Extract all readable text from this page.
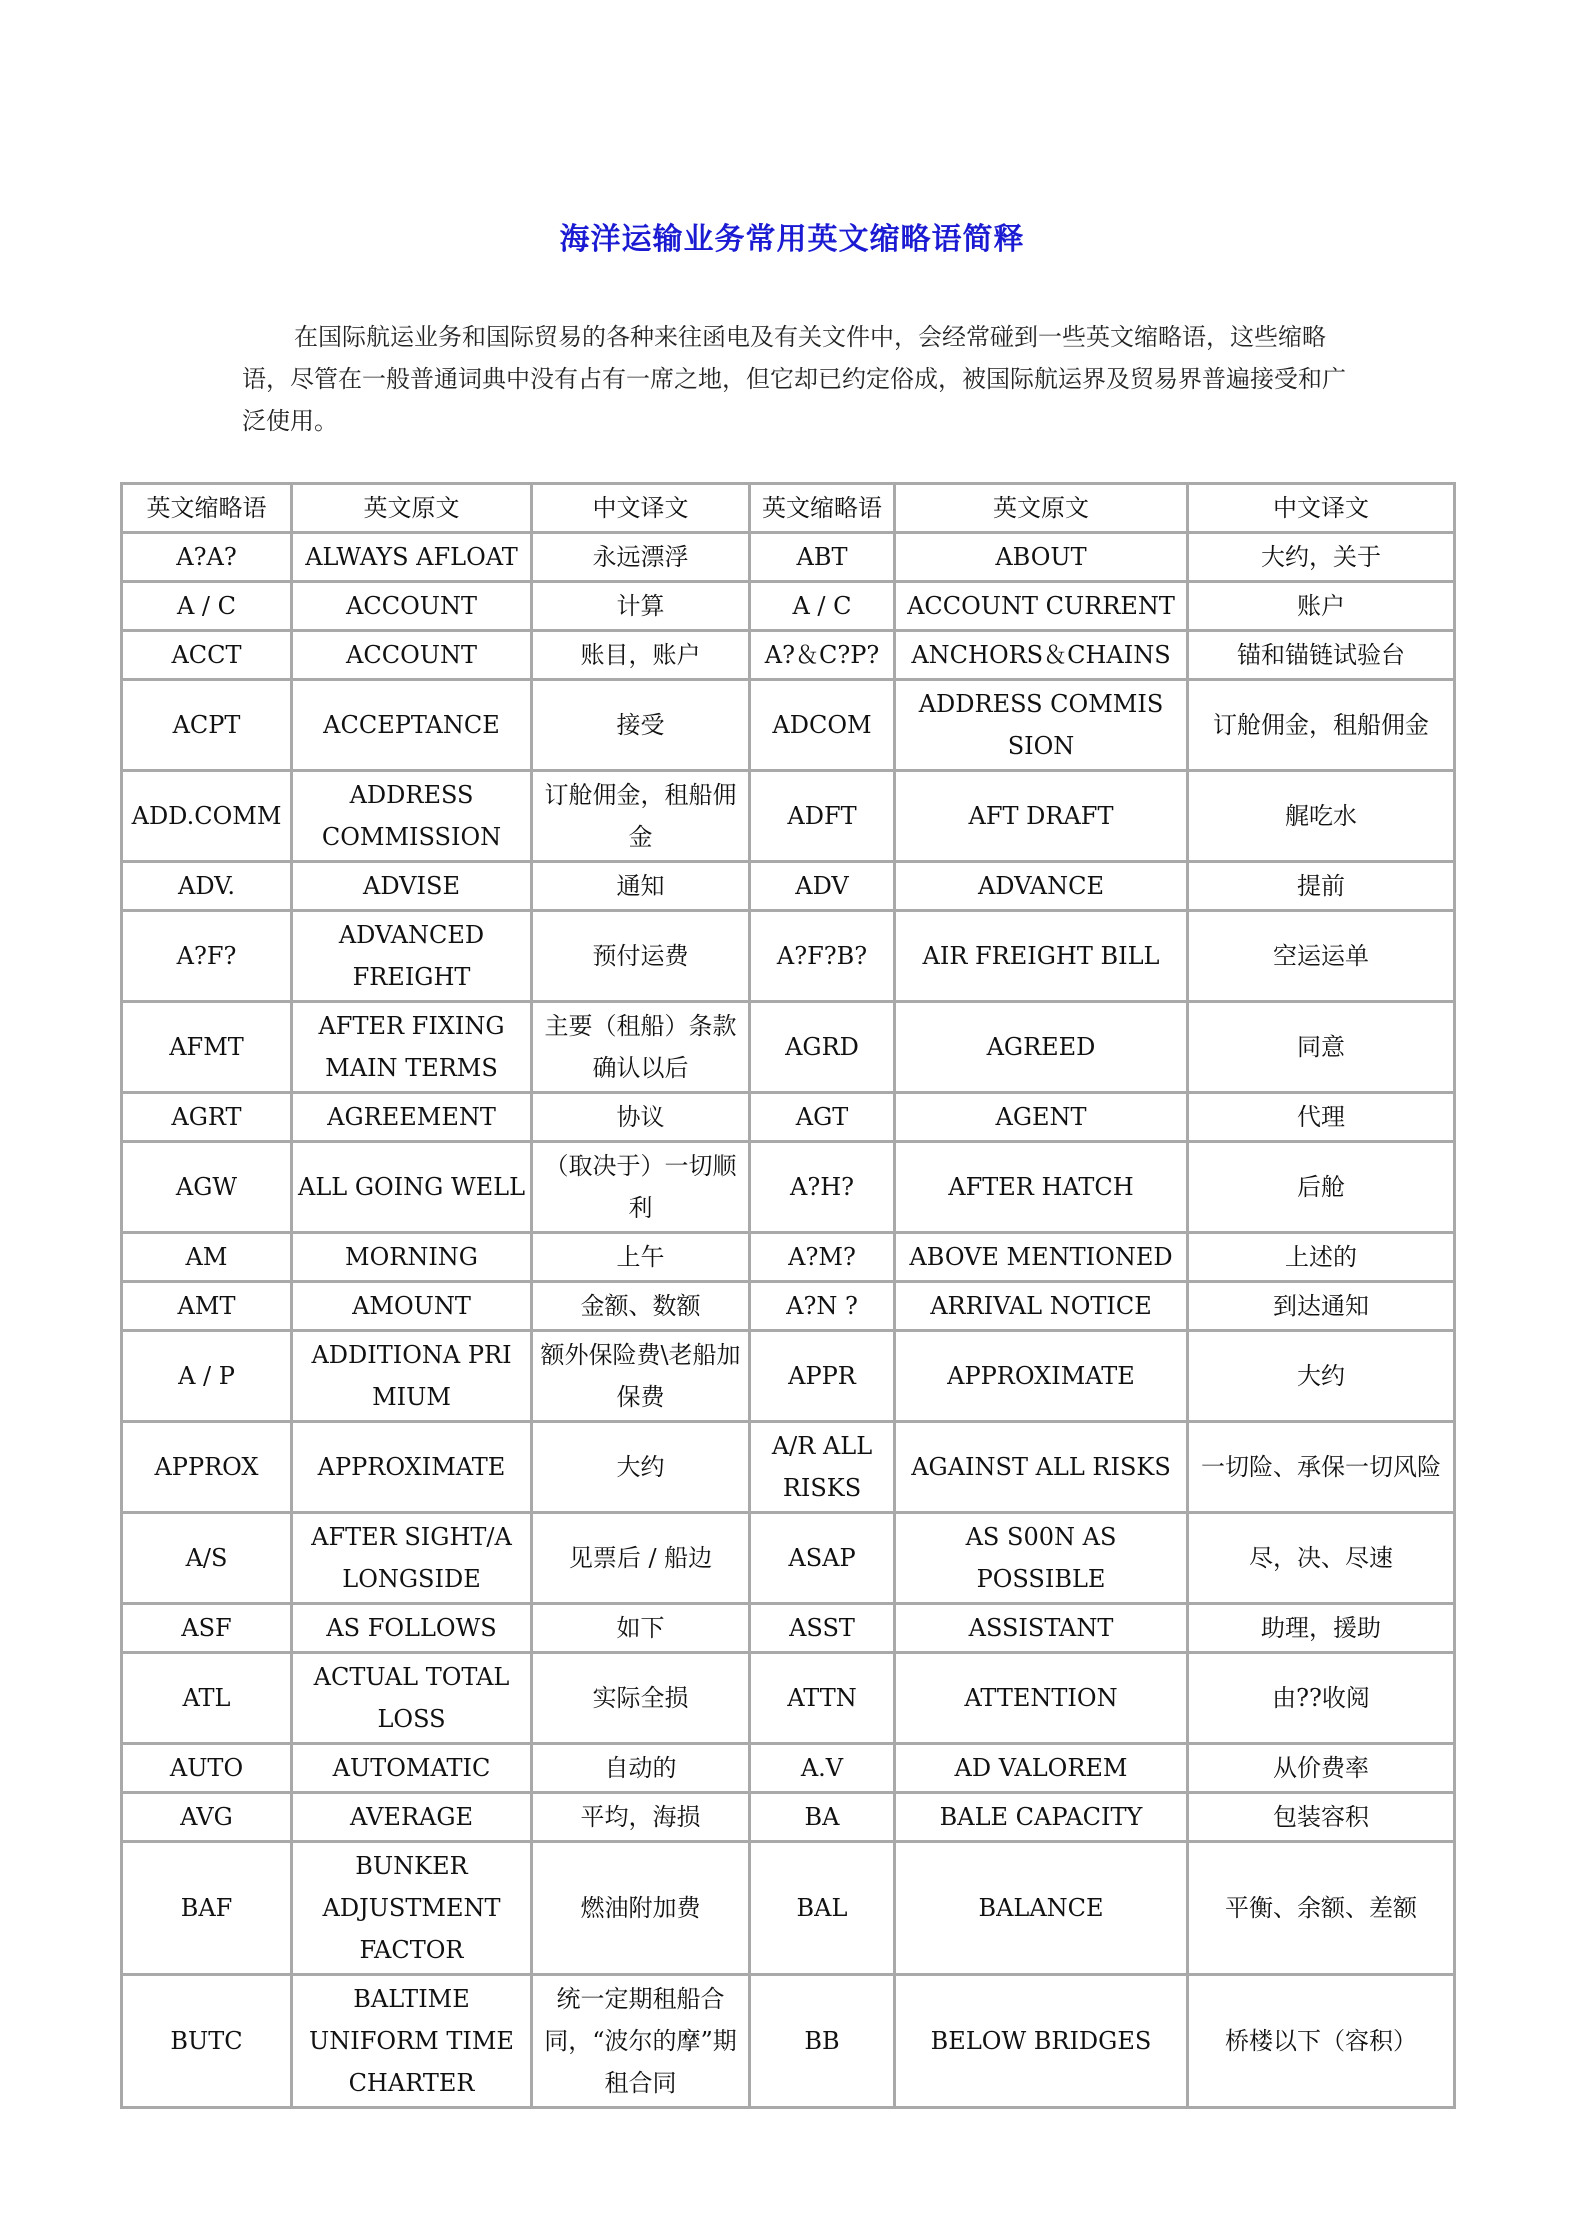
海洋运输业务常用英文缩略语简释

在国际航运业务和国际贸易的各种来往函电及有关文件中，会经常碰到一些英文缩略语，这些缩略语，尽管在一般普通词典中没有占有一席之地，但它却已约定俗成，被国际航运界及贸易界普遍接受和广泛使用。

英文缩略语	英文原文	中文译文	英文缩略语	英文原文	中文译文
A?A?	ALWAYS AFLOAT	永远漂浮	ABT	ABOUT	大约，关于
A / C	ACCOUNT	计算	A / C	ACCOUNT CURRENT	账户
ACCT	ACCOUNT	账目，账户	A?＆C?P?	ANCHORS＆CHAINS	锚和锚链试验台
ACPT	ACCEPTANCE	接受	ADCOM	ADDRESS COMMIS SION	订舱佣金，租船佣金
ADD.COMM	ADDRESS COMMISSION	订舱佣金，租船佣金	ADFT	AFT DRAFT	艉吃水
ADV.	ADVISE	通知	ADV	ADVANCE	提前
A?F?	ADVANCED FREIGHT	预付运费	A?F?B?	AIR FREIGHT BILL	空运运单
AFMT	AFTER FIXING MAIN TERMS	主要（租船）条款确认以后	AGRD	AGREED	同意
AGRT	AGREEMENT	协议	AGT	AGENT	代理
AGW	ALL GOING WELL	（取决于）一切顺利	A?H?	AFTER HATCH	后舱
AM	MORNING	上午	A?M?	ABOVE MENTIONED	上述的
AMT	AMOUNT	金额、数额	A?N ?	ARRIVAL NOTICE	到达通知
A / P	ADDITIONA PRI MIUM	额外保险费\老船加保费	APPR	APPROXIMATE	大约
APPROX	APPROXIMATE	大约	A/R ALL RISKS	AGAINST ALL RISKS	一切险、承保一切风险
A/S	AFTER SIGHT/A LONGSIDE	见票后 / 船边	ASAP	AS S00N AS POSSIBLE	尽，决、尽速
ASF	AS FOLLOWS	如下	ASST	ASSISTANT	助理，援助
ATL	ACTUAL TOTAL LOSS	实际全损	ATTN	ATTENTION	由??收阅
AUTO	AUTOMATIC	自动的	A.V	AD VALOREM	从价费率
AVG	AVERAGE	平均，海损	BA	BALE CAPACITY	包装容积
BAF	BUNKER ADJUSTMENT FACTOR	燃油附加费	BAL	BALANCE	平衡、余额、差额
BUTC	BALTIME UNIFORM TIME CHARTER	统一定期租船合同，“波尔的摩”期租合同	BB	BELOW BRIDGES	桥楼以下（容积）
